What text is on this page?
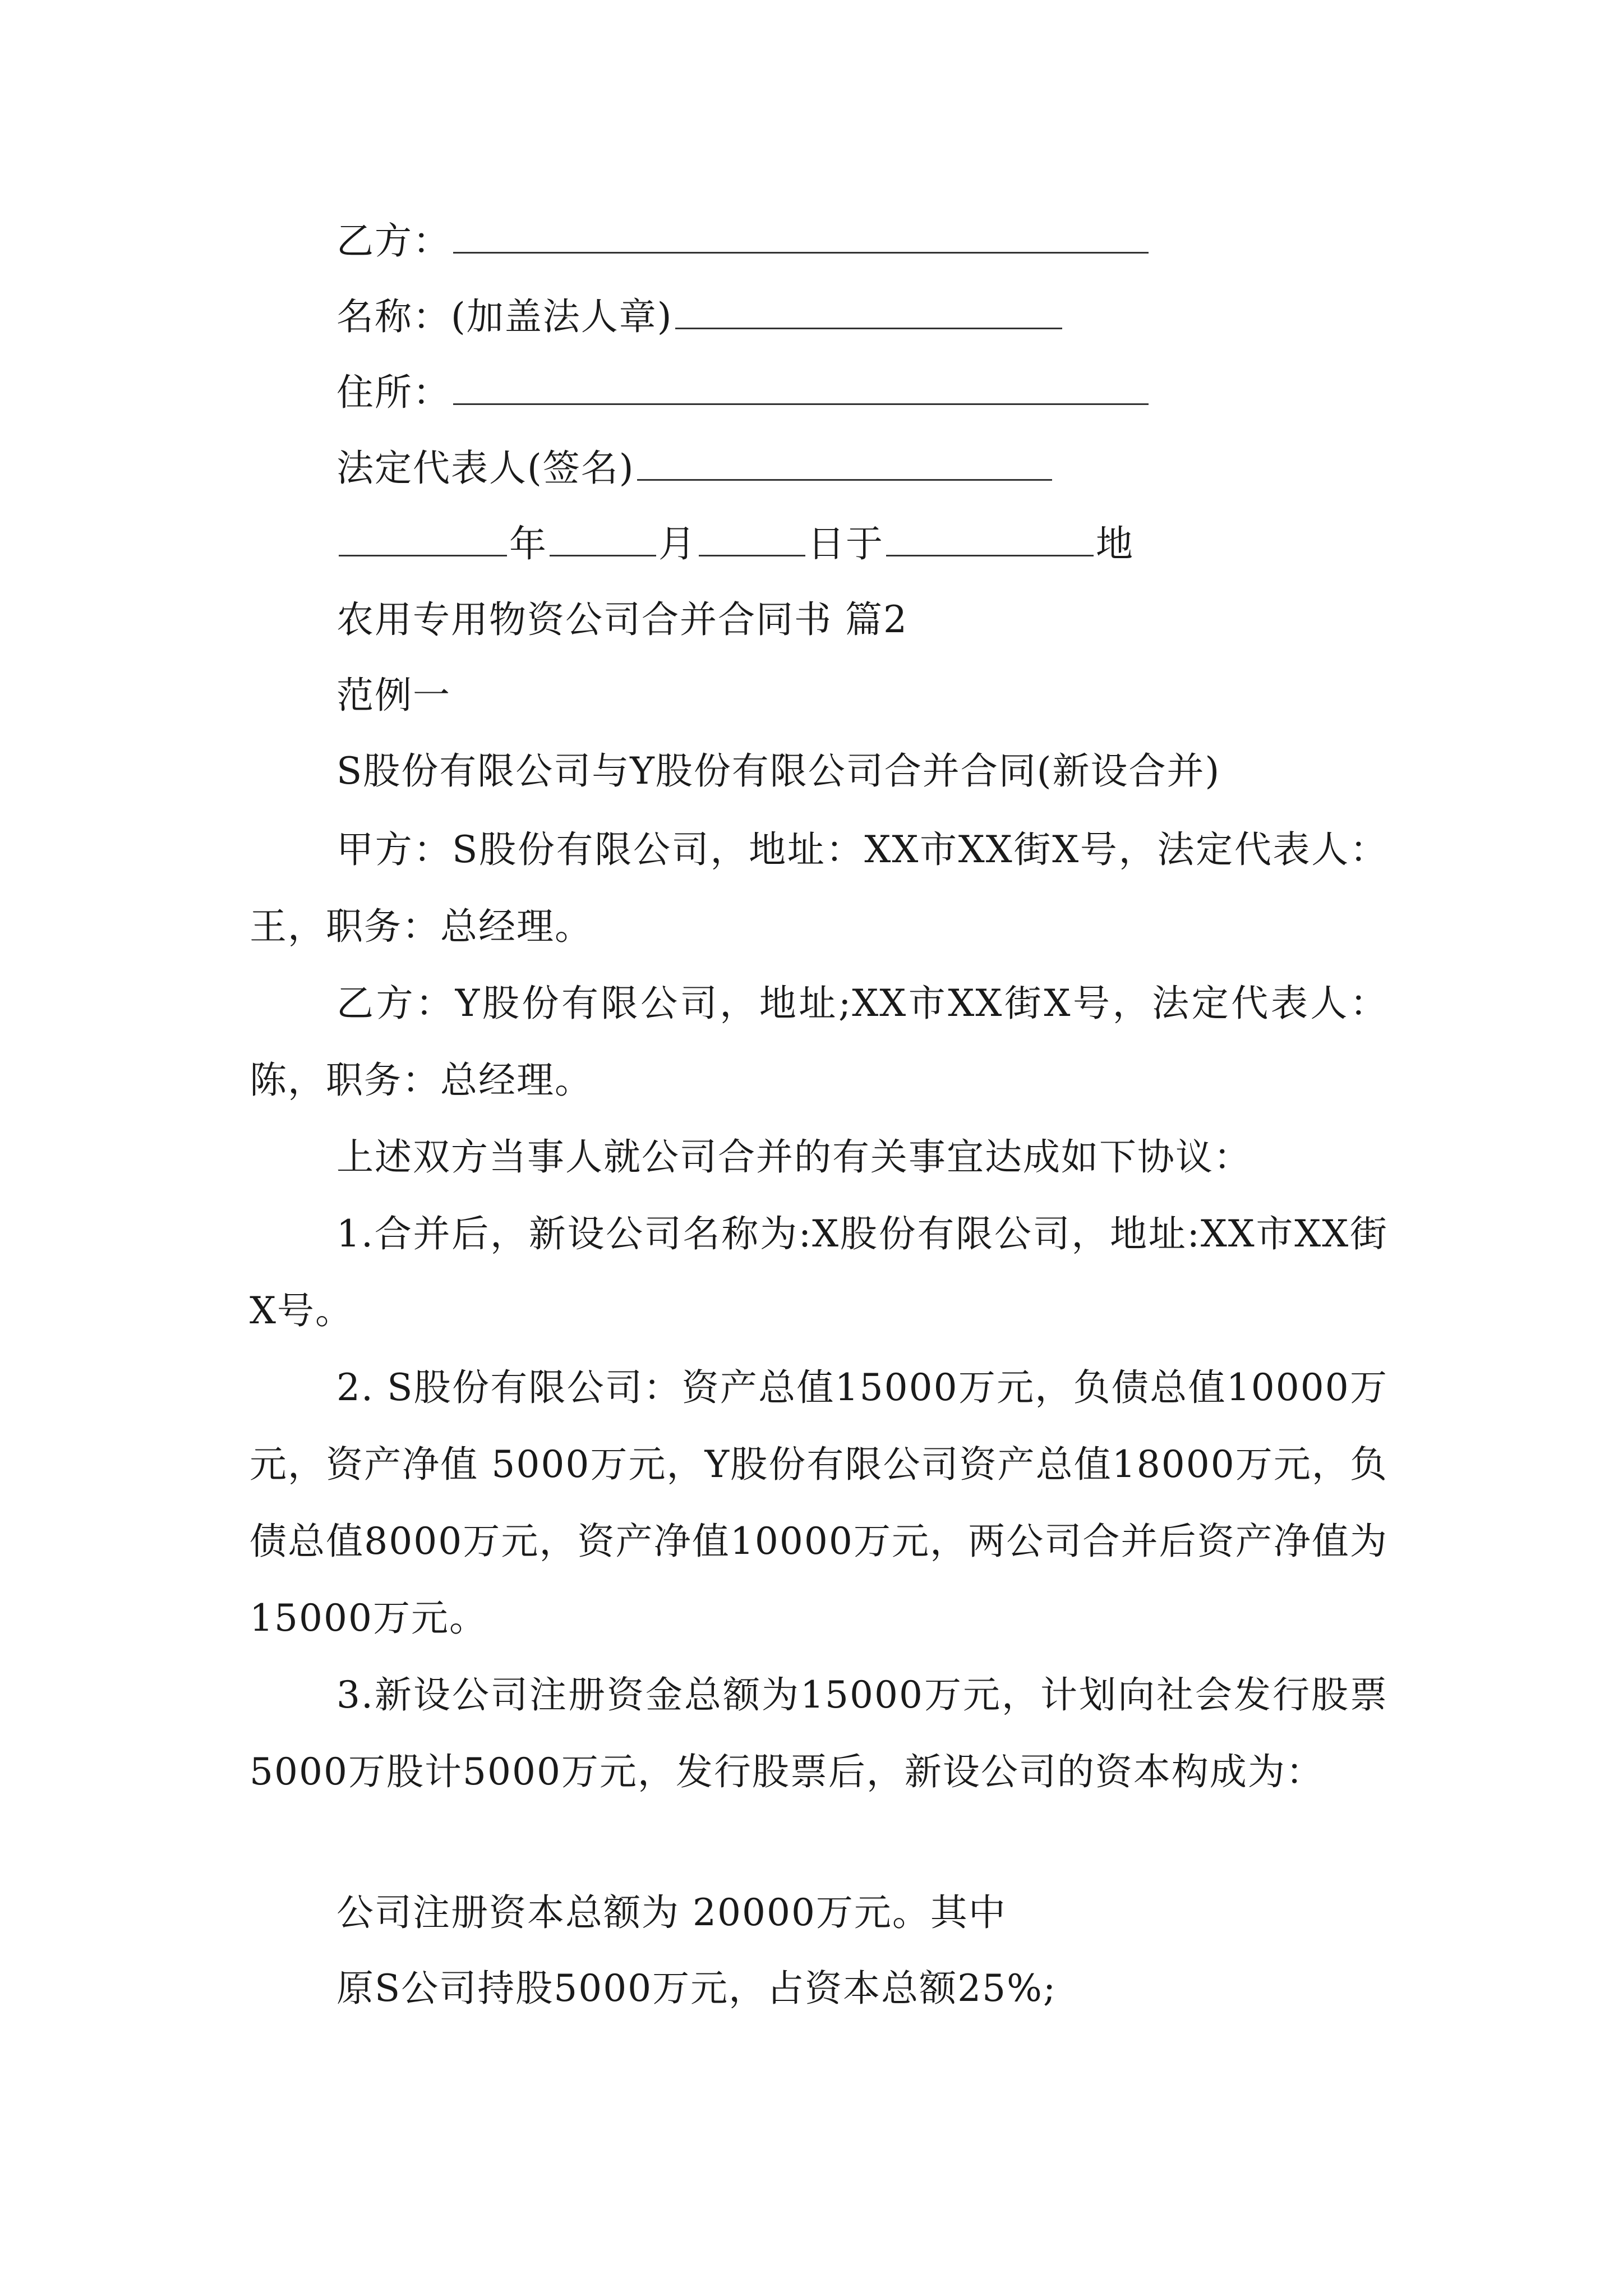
乙方：
名称：(加盖法人章)
住所：
法定代表人(签名)
年	月	日于	地
农用专用物资公司合并合同书 篇2
范例一
S股份有限公司与Y股份有限公司合并合同(新设合并)
甲方：S股份有限公司，地址：XX市XX街X号，法定代表人：王，职务：总经理。
乙方：Y股份有限公司，地址;XX市XX街X号，法定代表人：陈，职务：总经理。
上述双方当事人就公司合并的有关事宜达成如下协议：
1.合并后，新设公司名称为:X股份有限公司，地址:XX市XX街X号。
2. S股份有限公司：资产总值15000万元，负债总值10000万元，资产净值 5000万元，Y股份有限公司资产总值18000万元，负债总值8000万元，资产净值10000万元，两公司合并后资产净值为15000万元。
3.新设公司注册资金总额为15000万元，计划向社会发行股票5000万股计5000万元，发行股票后，新设公司的资本构成为：
公司注册资本总额为 20000万元。其中
原S公司持股5000万元，占资本总额25%;
